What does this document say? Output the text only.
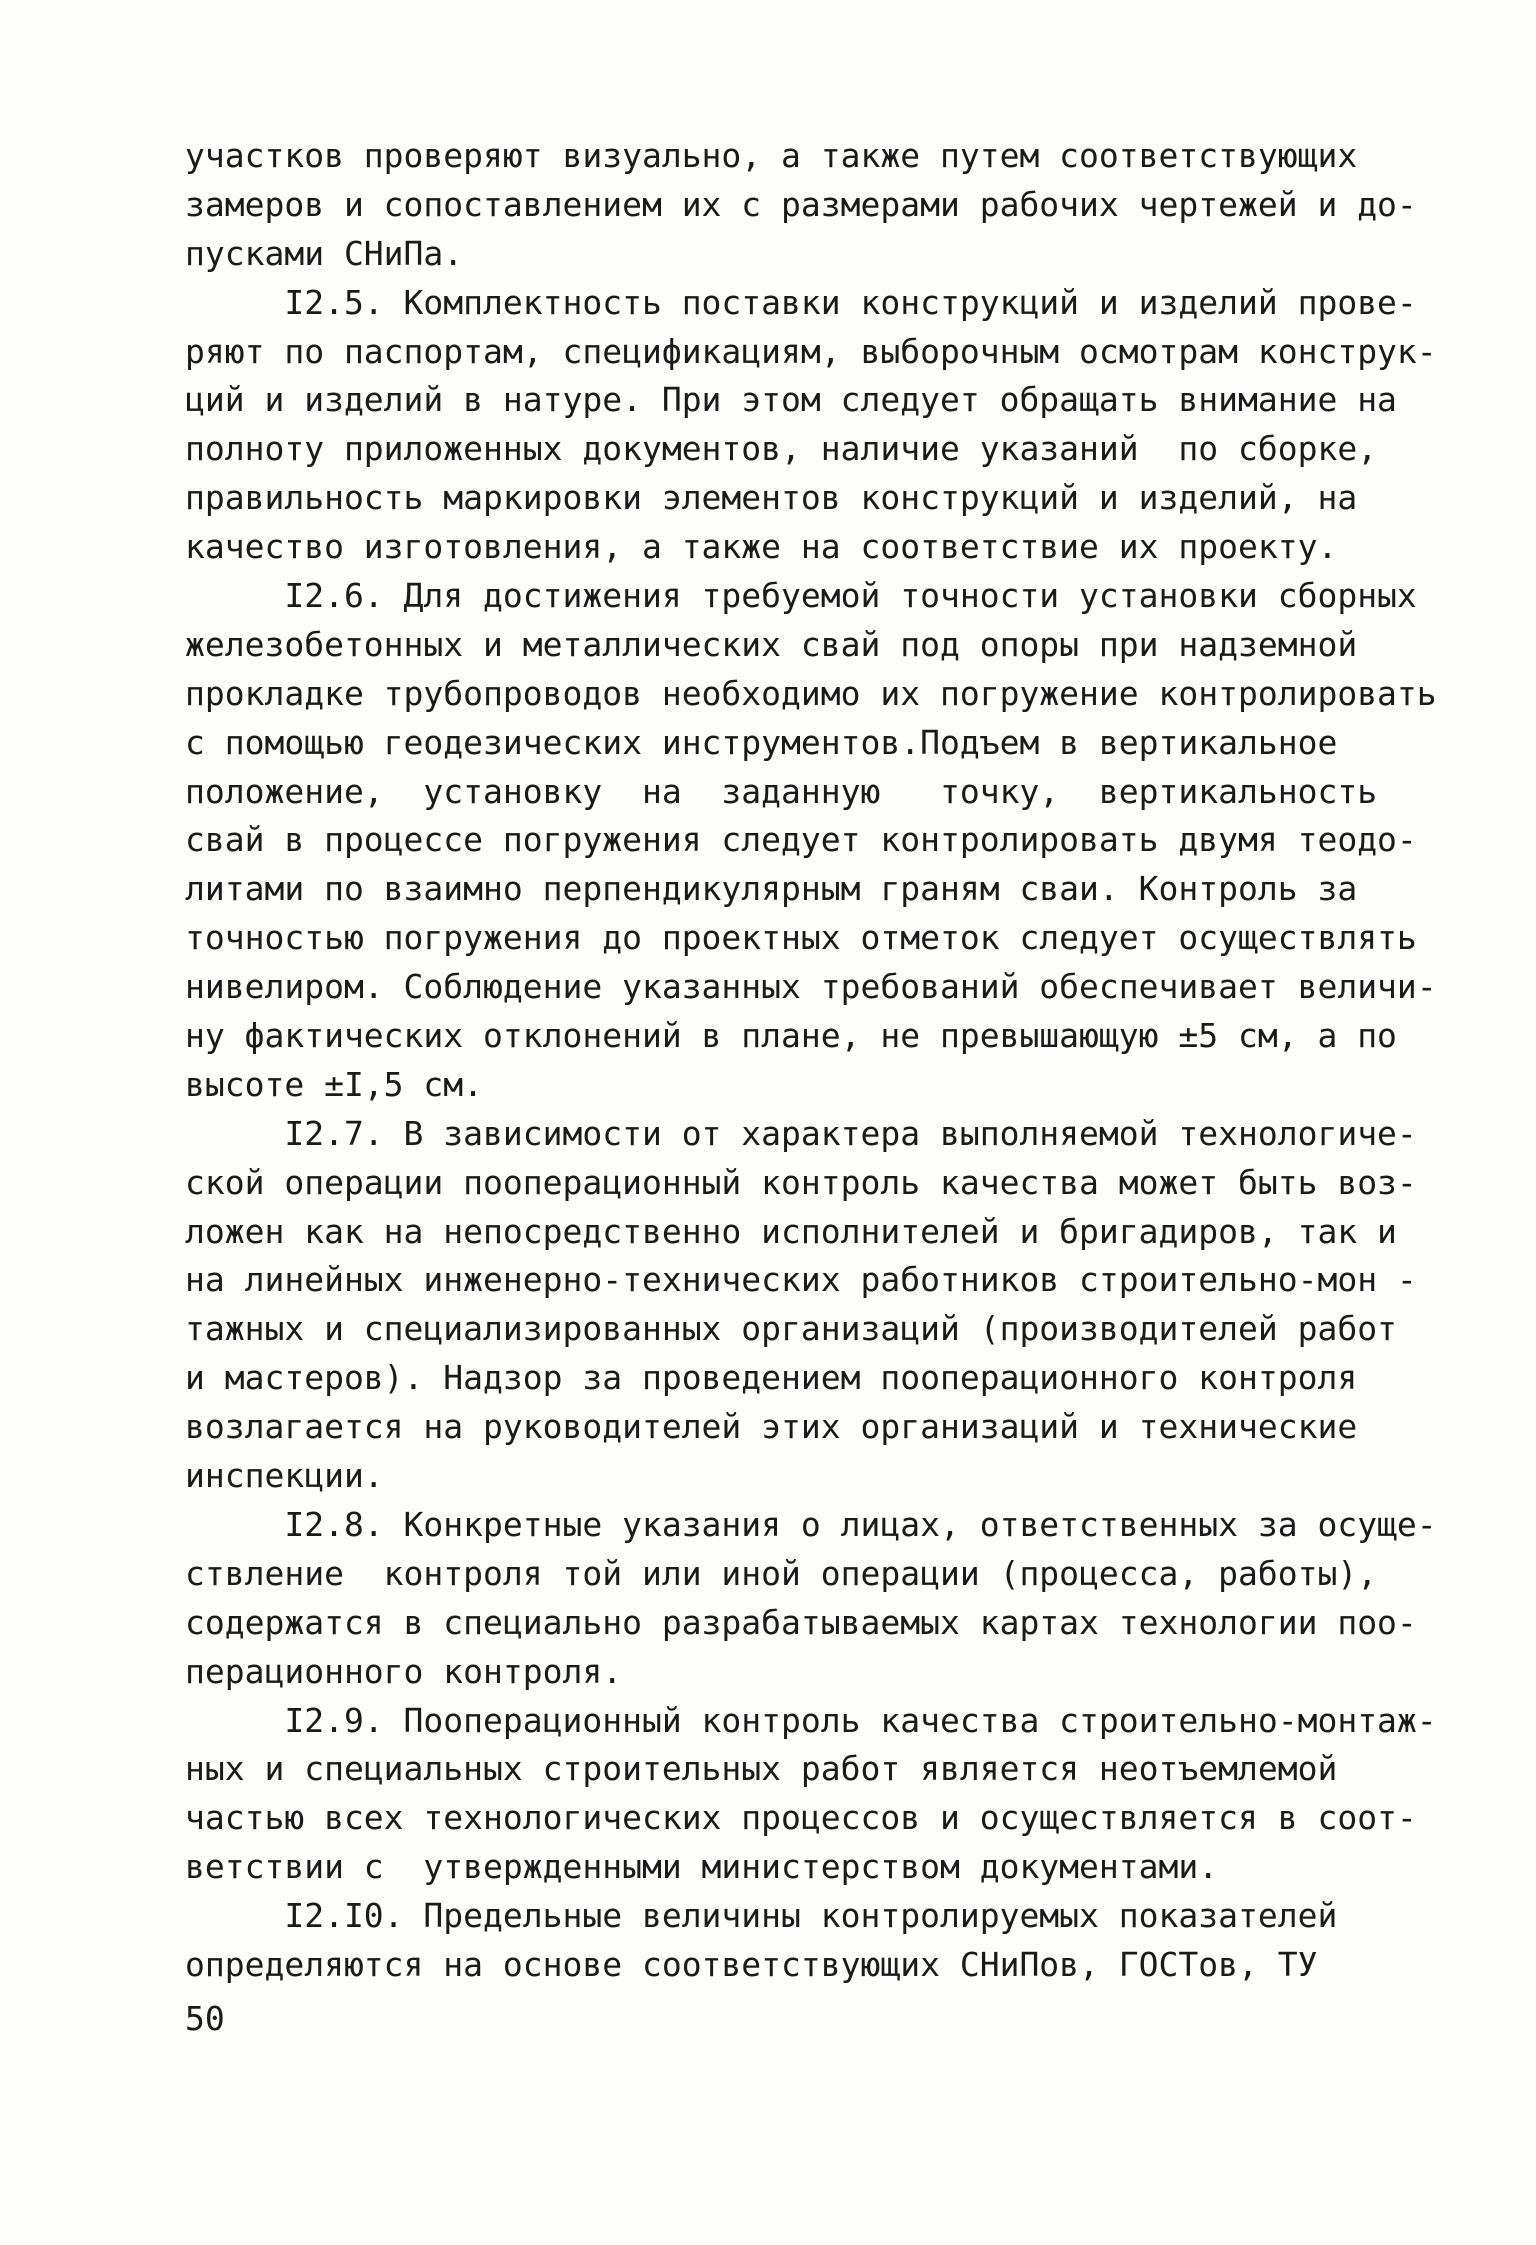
участков проверяют визуально, а также путем соответствующих
замеров и сопоставлением их с размерами рабочих чертежей и до-
пусками СНиПа.
I2.5. Комплектность поставки конструкций и изделий прове-
ряют по паспортам, спецификациям, выборочным осмотрам конструк-
ций и изделий в натуре. При этом следует обращать внимание на
полноту приложенных документов, наличие указаний  по сборке,
правильность маркировки элементов конструкций и изделий, на
качество изготовления, а также на соответствие их проекту.
I2.6. Для достижения требуемой точности установки сборных
железобетонных и металлических свай под опоры при надземной
прокладке трубопроводов необходимо их погружение контролировать
с помощью геодезических инструментов.Подъем в вертикальное
положение,  установку  на  заданную   точку,  вертикальность
свай в процессе погружения следует контролировать двумя теодо-
литами по взаимно перпендикулярным граням сваи. Контроль за
точностью погружения до проектных отметок следует осуществлять
нивелиром. Соблюдение указанных требований обеспечивает величи-
ну фактических отклонений в плане, не превышающую ±5 см, а по
высоте ±I,5 см.
I2.7. В зависимости от характера выполняемой технологиче-
ской операции пооперационный контроль качества может быть воз-
ложен как на непосредственно исполнителей и бригадиров, так и
на линейных инженерно-технических работников строительно-мон -
тажных и специализированных организаций (производителей работ
и мастеров). Надзор за проведением пооперационного контроля
возлагается на руководителей этих организаций и технические
инспекции.
I2.8. Конкретные указания о лицах, ответственных за осуще-
ствление  контроля той или иной операции (процесса, работы),
содержатся в специально разрабатываемых картах технологии поо-
перационного контроля.
I2.9. Пооперационный контроль качества строительно-монтаж-
ных и специальных строительных работ является неотъемлемой
частью всех технологических процессов и осуществляется в соот-
ветствии с  утвержденными министерством документами.
I2.I0. Предельные величины контролируемых показателей
определяются на основе соответствующих СНиПов, ГОСТов, ТУ
50
